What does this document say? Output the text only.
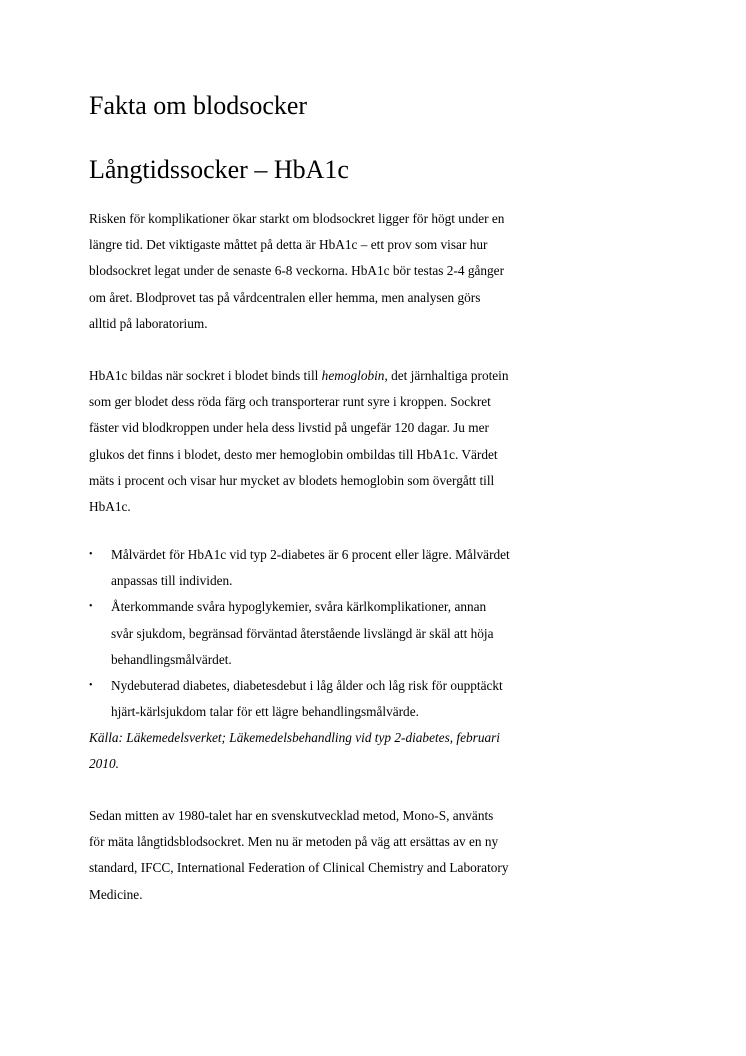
Fakta om blodsocker
Långtidssocker – HbA1c

Risken för komplikationer ökar starkt om blodsockret ligger för högt under en
längre tid. Det viktigaste måttet på detta är HbA1c – ett prov som visar hur
blodsockret legat under de senaste 6-8 veckorna. HbA1c bör testas 2-4 gånger
om året. Blodprovet tas på vårdcentralen eller hemma, men analysen görs
alltid på laboratorium.

HbA1c bildas när sockret i blodet binds till hemoglobin, det järnhaltiga protein
som ger blodet dess röda färg och transporterar runt syre i kroppen. Sockret
fäster vid blodkroppen under hela dess livstid på ungefär 120 dagar. Ju mer
glukos det finns i blodet, desto mer hemoglobin ombildas till HbA1c. Värdet
mäts i procent och visar hur mycket av blodets hemoglobin som övergått till
HbA1c.

• Målvärdet för HbA1c vid typ 2-diabetes är 6 procent eller lägre. Målvärdet
anpassas till individen.
• Återkommande svåra hypoglykemier, svåra kärlkomplikationer, annan
svår sjukdom, begränsad förväntad återstående livslängd är skäl att höja
behandlingsmålvärdet.
• Nydebuterad diabetes, diabetesdebut i låg ålder och låg risk för oupptäckt
hjärt-kärlsjukdom talar för ett lägre behandlingsmålvärde.

Källa: Läkemedelsverket; Läkemedelsbehandling vid typ 2-diabetes, februari
2010.

Sedan mitten av 1980-talet har en svenskutvecklad metod, Mono-S, använts
för mäta långtidsblodsockret. Men nu är metoden på väg att ersättas av en ny
standard, IFCC, International Federation of Clinical Chemistry and Laboratory
Medicine.
